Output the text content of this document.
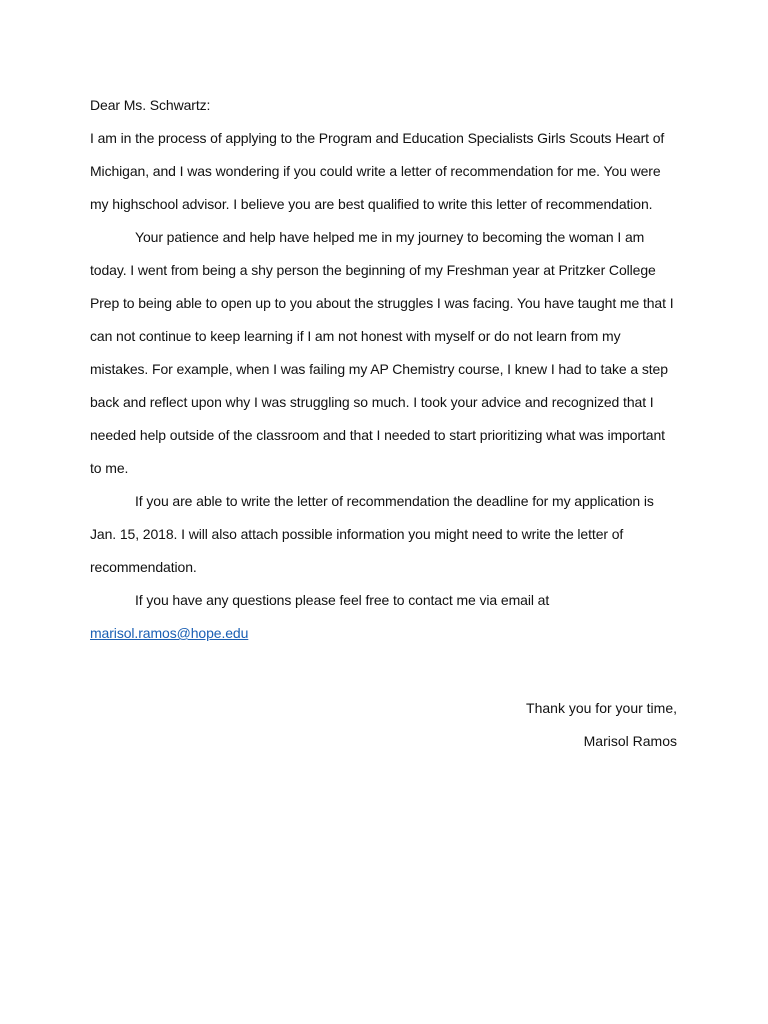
Dear Ms. Schwartz:
I am in the process of applying to the Program and Education Specialists Girls Scouts Heart of
Michigan, and I was wondering if you could write a letter of recommendation for me. You were
my highschool advisor. I believe you are best qualified to write this letter of recommendation.
Your patience and help have helped me in my journey to becoming the woman I am
today. I went from being a shy person the beginning of my Freshman year at Pritzker College
Prep to being able to open up to you about the struggles I was facing. You have taught me that I
can not continue to keep learning if I am not honest with myself or do not learn from my
mistakes. For example, when I was failing my AP Chemistry course, I knew I had to take a step
back and reflect upon why I was struggling so much. I took your advice and recognized that I
needed help outside of the classroom and that I needed to start prioritizing what was important
to me.
If you are able to write the letter of recommendation the deadline for my application is
Jan. 15, 2018. I will also attach possible information you might need to write the letter of
recommendation.
If you have any questions please feel free to contact me via email at
marisol.ramos@hope.edu
Thank you for your time,
Marisol Ramos
